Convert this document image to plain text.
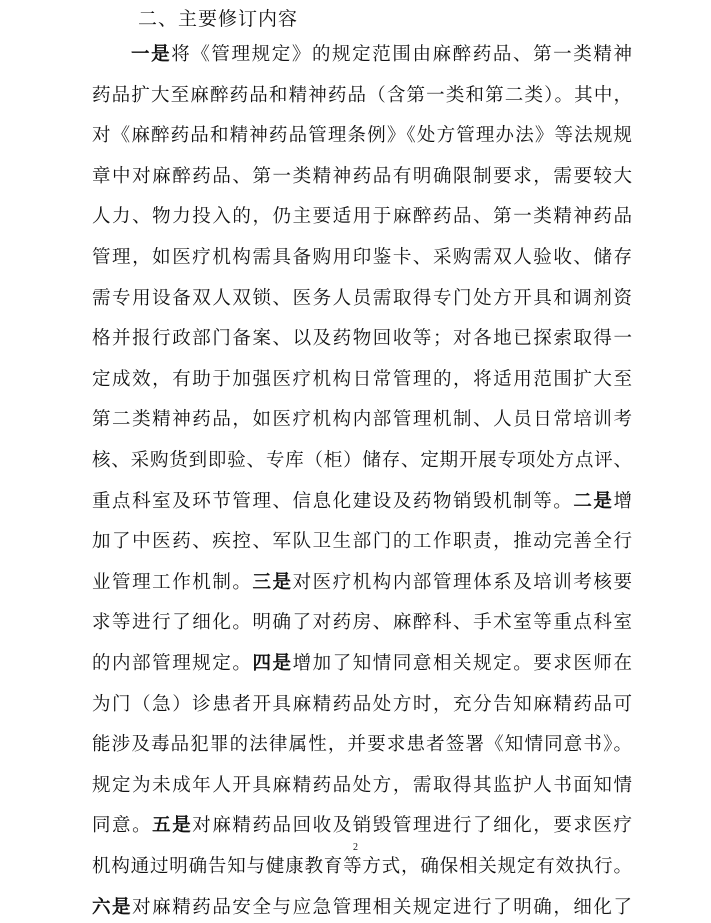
二、主要修订内容
一是将《管理规定》的规定范围由麻醉药品、第一类精神
药品扩大至麻醉药品和精神药品（含第一类和第二类）。其中，
对《麻醉药品和精神药品管理条例》《处方管理办法》等法规规
章中对麻醉药品、第一类精神药品有明确限制要求，需要较大
人力、物力投入的，仍主要适用于麻醉药品、第一类精神药品
管理，如医疗机构需具备购用印鉴卡、采购需双人验收、储存
需专用设备双人双锁、医务人员需取得专门处方开具和调剂资
格并报行政部门备案、以及药物回收等；对各地已探索取得一
定成效，有助于加强医疗机构日常管理的，将适用范围扩大至
第二类精神药品，如医疗机构内部管理机制、人员日常培训考
核、采购货到即验、专库（柜）储存、定期开展专项处方点评、
重点科室及环节管理、信息化建设及药物销毁机制等。二是增
加了中医药、疾控、军队卫生部门的工作职责，推动完善全行
业管理工作机制。三是对医疗机构内部管理体系及培训考核要
求等进行了细化。明确了对药房、麻醉科、手术室等重点科室
的内部管理规定。四是增加了知情同意相关规定。要求医师在
为门（急）诊患者开具麻精药品处方时，充分告知麻精药品可
能涉及毒品犯罪的法律属性，并要求患者签署《知情同意书》。
规定为未成年人开具麻精药品处方，需取得其监护人书面知情
同意。五是对麻精药品回收及销毁管理进行了细化，要求医疗
机构通过明确告知与健康教育等方式，确保相关规定有效执行。
六是对麻精药品安全与应急管理相关规定进行了明确，细化了
2
